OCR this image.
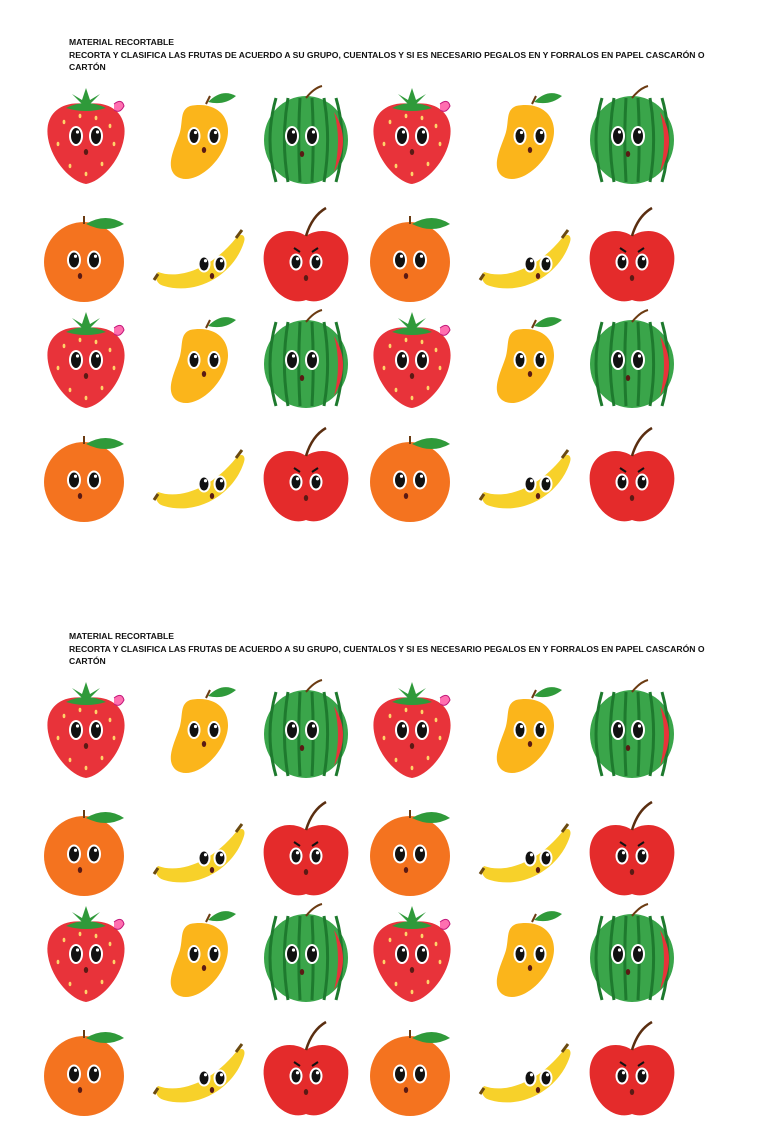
MATERIAL RECORTABLE
RECORTA Y CLASIFICA LAS FRUTAS DE ACUERDO A SU GRUPO, CUENTALOS Y SI ES NECESARIO PEGALOS EN Y FORRALOS EN PAPEL CASCARÓN O CARTÓN
MATERIAL RECORTABLE
RECORTA Y CLASIFICA LAS FRUTAS DE ACUERDO A SU GRUPO, CUENTALOS Y SI ES NECESARIO PEGALOS EN Y FORRALOS EN PAPEL CASCARÓN O CARTÓN
